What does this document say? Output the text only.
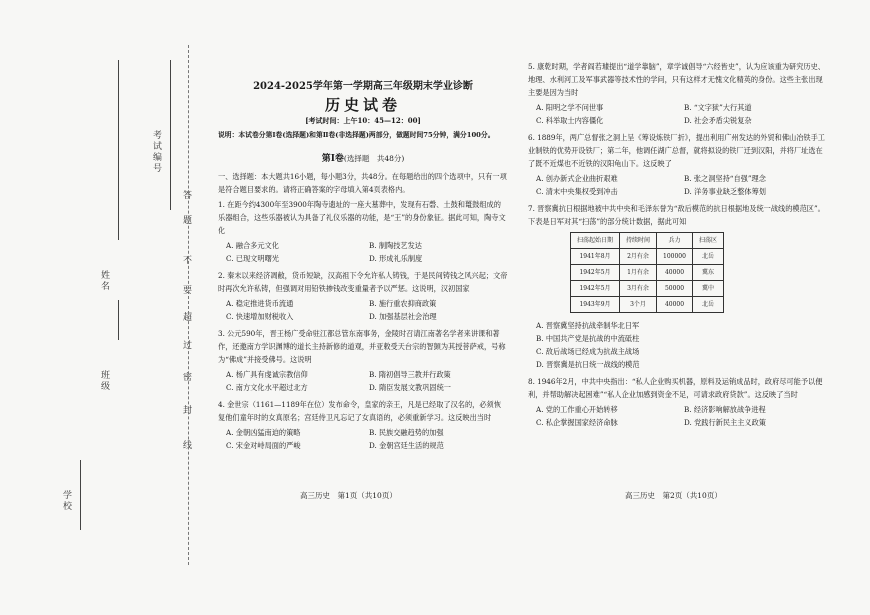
考试编号
姓名
班级
学校
答
题
不
要
超
过
密
封
线
2024-2025学年第一学期高三年级期末学业诊断
历史试卷
[考试时间：上午10：45—12：00]
说明：本试卷分第Ⅰ卷(选择题)和第Ⅱ卷(非选择题)两部分，做题时间75分钟，满分100分。
第Ⅰ卷(选择题　共48分)
一、选择题：本大题共16小题，每小题3分，共48分。在每题给出的四个选项中，只有一项是符合题目要求的。请将正确答案的字母填入第4页表格内。
1. 在距今约4300年至3900年陶寺遗址的一座大墓葬中，发现有石磬、土鼓和鼍鼓组成的乐器组合，这些乐器被认为具备了礼仪乐器的功能，是“王”的身份象征。据此可知，陶寺文化
A. 融合多元文化	B. 制陶技艺发达
C. 已现文明曙光	D. 形成礼乐制度
2. 秦末以来经济凋敝，货币短缺，汉高祖下令允许私人铸钱，于是民间铸钱之风兴起；文帝时再次允许私铸，但强调对用铅铁掺钱改变重量者予以严惩。这说明，汉初国家
A. 稳定推进货币流通	B. 施行重农抑商政策
C. 快速增加财税收入	D. 加强基层社会治理
3. 公元590年，晋王杨广受命驻江都总管东南事务，金陵时召请江南著名学者来讲课和著作，还邀南方学识渊博的道长主持新修的道观，并亚敕受天台宗的智顗为其授菩萨戒，号称为“佛成”并接受佛号。这说明
A. 杨广具有虔诚宗教信仰	B. 隋初倡导三教并行政策
C. 南方文化水平超过北方	D. 隋臣发展文教巩固统一
4. 金世宗（1161—1189年在位）发布命令，皇家的亲王，凡是已经取了汉名的，必须恢复他们童年时的女真原名；宫廷侍卫凡忘记了女真语的，必须重新学习。这反映出当时
A. 金朝凶猛南迫的策略	B. 民族交融趋势的加强
C. 宋金对峙局面的严峻	D. 金朝宫廷生活的规范
高三历史　第1页（共10页）
5. 康乾时期，学者阎若璩提出“道学靠脑”，章学诚倡导“六经皆史”，认为应该重为研究历史、地理、水利河工及军事武器等技术性的学问，只有这样才无愧文化精英的身份。这些主张出现主要是因为当时
A. 阳明之学不问世事	B. “文字狱”大行其道
C. 科举取士内容僵化	D. 社会矛盾尖锐复杂
6. 1889年，两广总督张之洞上呈《筹设炼铁厂折》，提出利用广州发达的外贸和佛山冶铁手工业制铁的优势开设铁厂；第二年，他调任湖广总督，就将拟设的铁厂迁到汉阳，并将厂址选在了既不近煤也不近铁的汉阳龟山下。这反映了
A. 创办新式企业曲折艰难	B. 张之洞坚持“自强”理念
C. 清末中央集权受到冲击	D. 洋务事业缺乏整体筹划
7. 晋察冀抗日根据地被中共中央和毛泽东誉为“敌后模范的抗日根据地及统一战线的模范区”。下表是日军对其“扫荡”的部分统计数据，据此可知
扫荡起始日期	持续时间	兵力	扫荡区
1941年8月	2月有余	100000	北岳
1942年5月	1月有余	40000	冀东
1942年5月	3月有余	50000	冀中
1943年9月	3个月	40000	北岳
A. 晋察冀坚持抗战牵制华北日军
B. 中国共产党是抗战的中流砥柱
C. 敌后战场已经成为抗战主战场
D. 晋察冀是抗日统一战线的模范
8. 1946年2月，中共中央指出：“私人企业购买机器，原料及运销成品时，政府尽可能予以便利，并帮助解决起困难”“私人企业加感到资金不足，可请求政府贷款”。这反映了当时
A. 党的工作重心开始转移	B. 经济影响解放战争进程
C. 私企掌握国家经济命脉	D. 党践行新民主主义政策
高三历史　第2页（共10页）
